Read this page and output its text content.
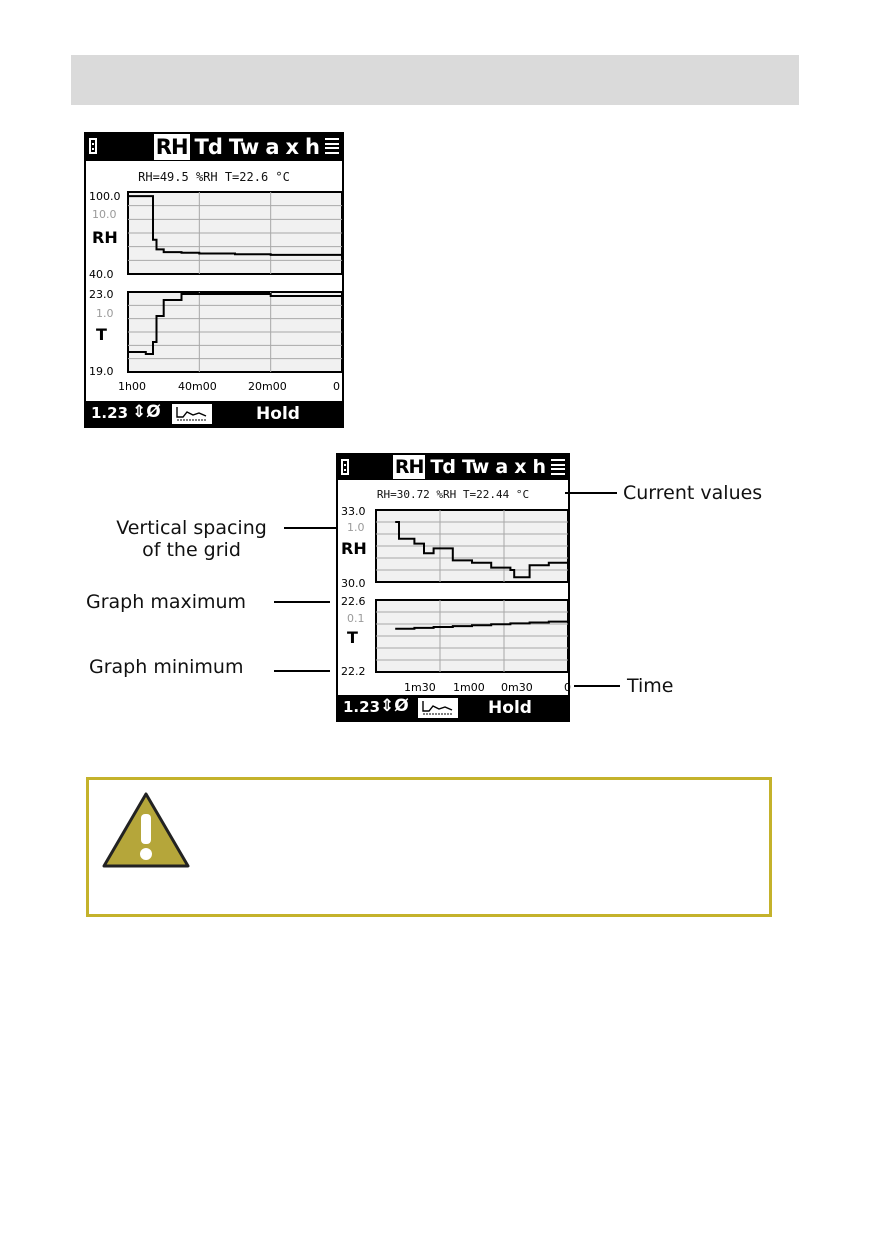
RH Td Tw a x h
RH=49.5 %RH T=22.6 °C
100.0
10.0
RH
40.0
23.0
1.0
T
19.0
1h00	40m00	20m00	0
1.23 ⇕Ø	Hold
RH Td Tw a x h
RH=30.72 %RH T=22.44 °C
33.0
1.0
RH
30.0
22.6
0.1
T
22.2
1m30 1m00 0m30	0
1.23 ⇕Ø	Hold
Current values
Vertical spacing
of the grid
Graph maximum
Graph minimum
Time
